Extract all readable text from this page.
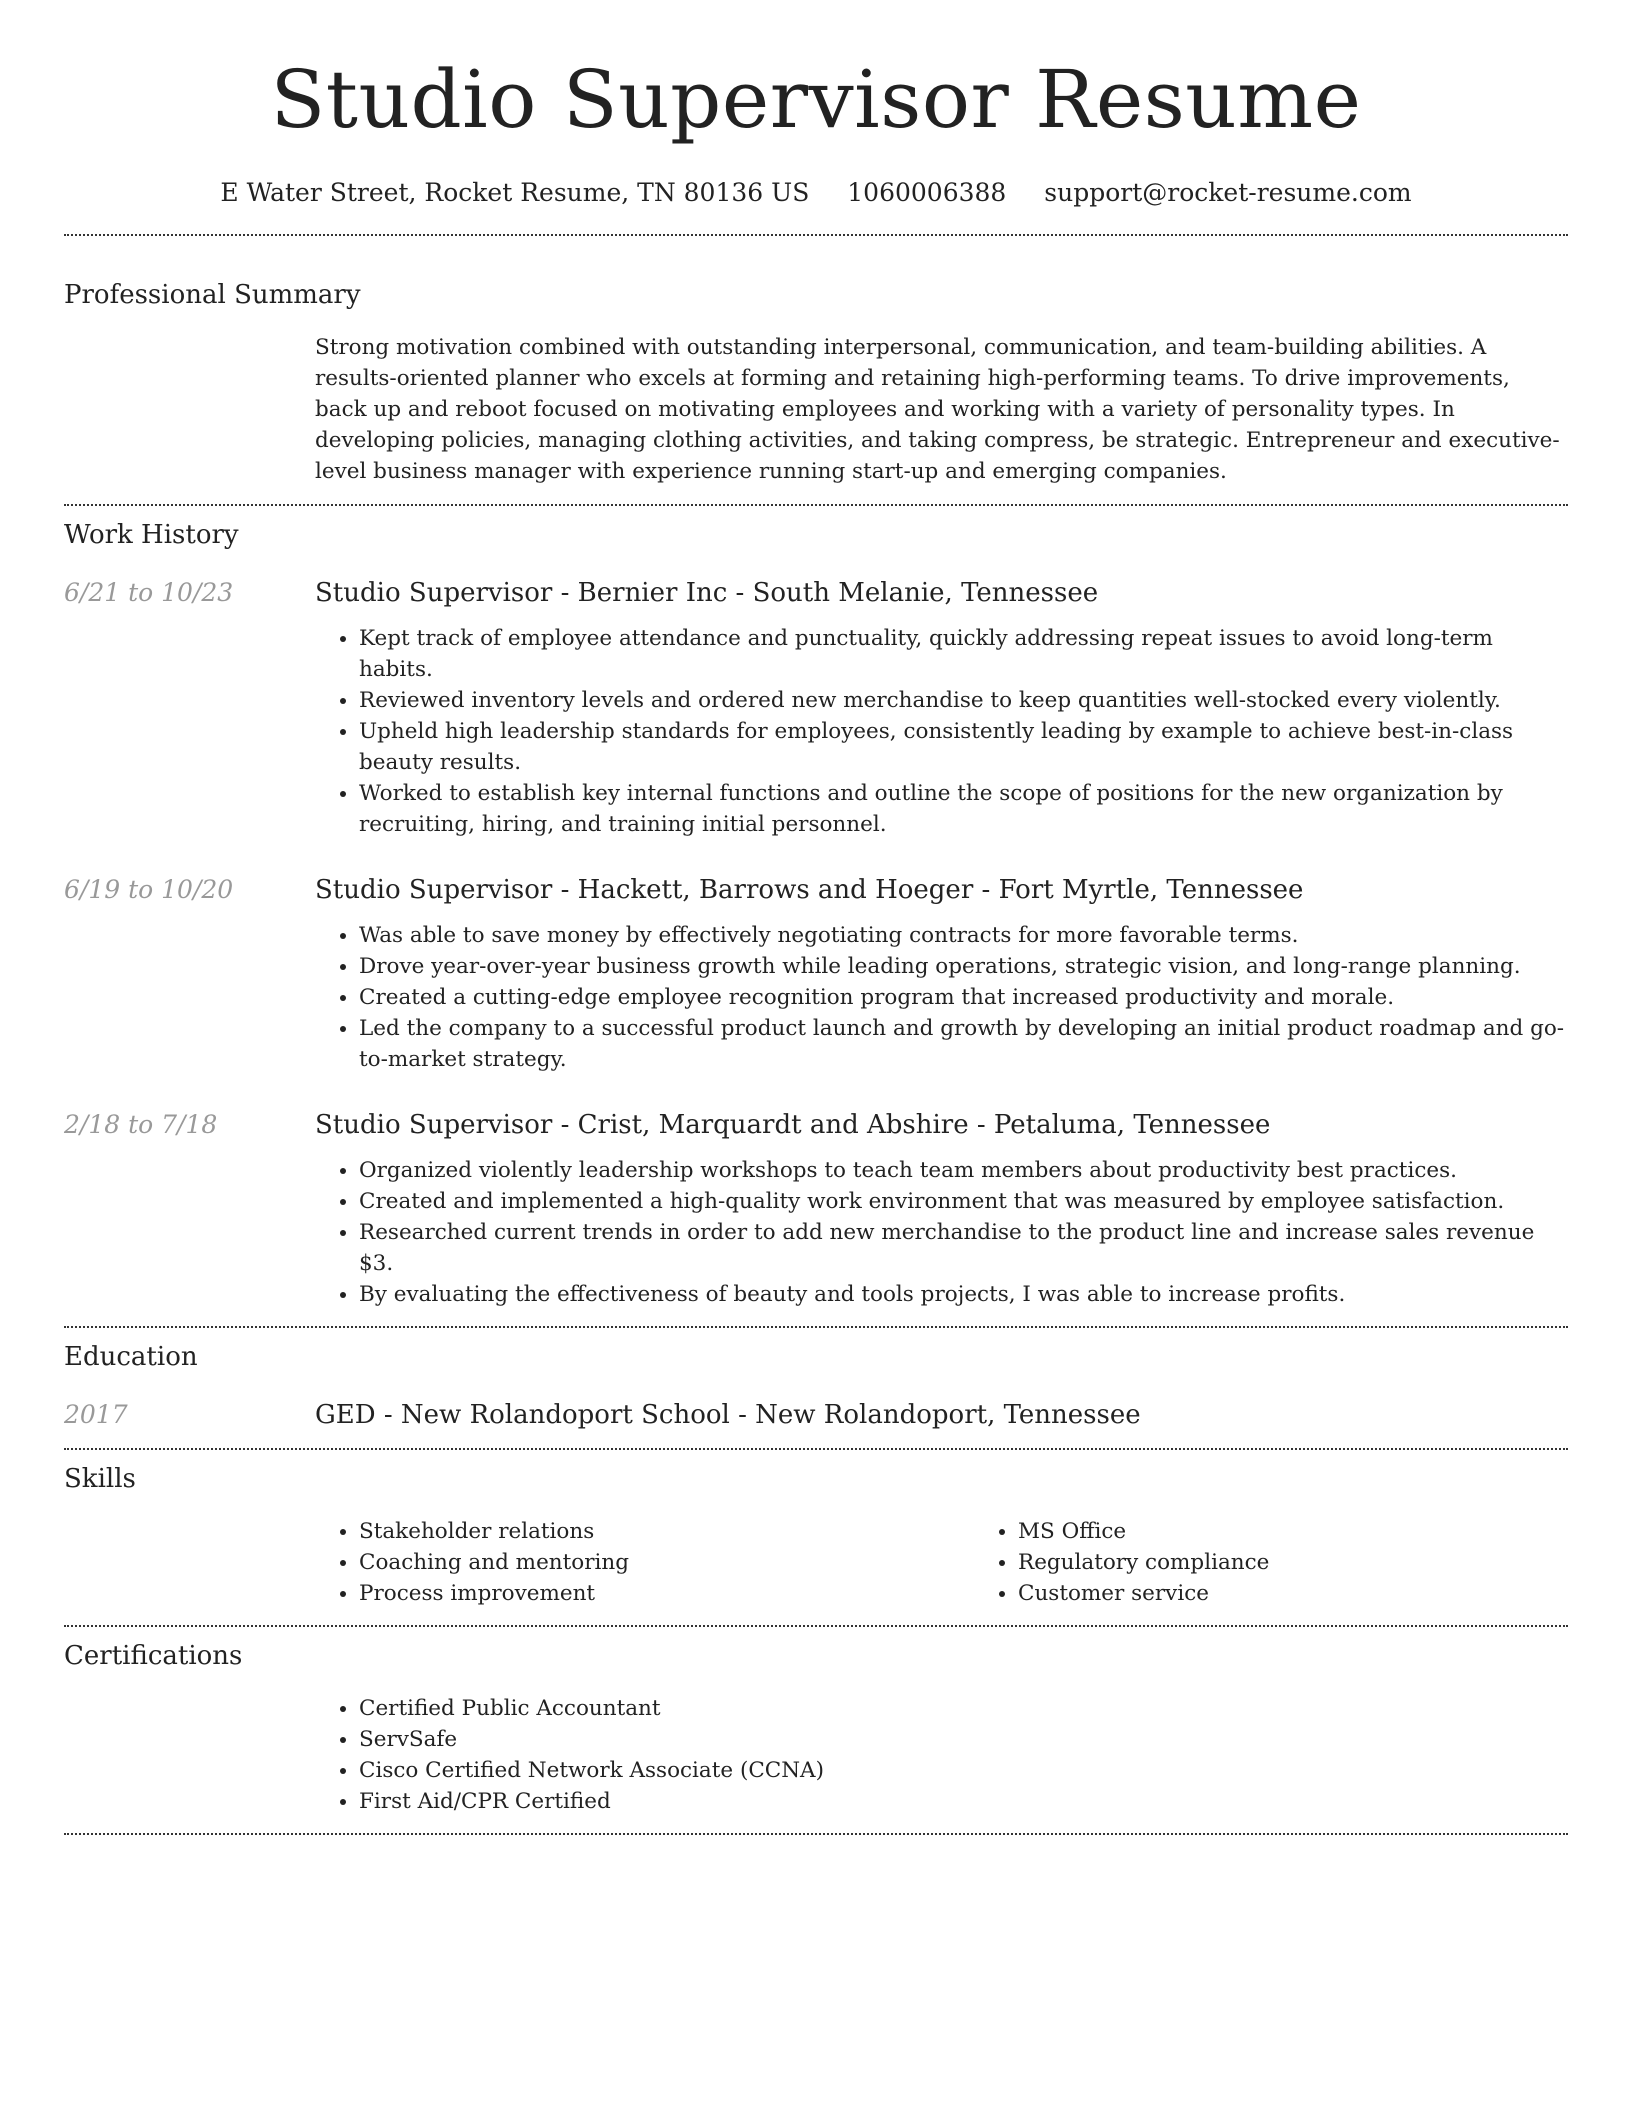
Studio Supervisor Resume
E Water Street, Rocket Resume, TN 80136 US 1060006388 support@rocket-resume.com
Professional Summary

Strong motivation combined with outstanding interpersonal, communication, and team-building abilities. A results-oriented planner who excels at forming and retaining high-performing teams. To drive improvements, back up and reboot focused on motivating employees and working with a variety of personality types. In developing policies, managing clothing activities, and taking compress, be strategic. Entrepreneur and executive-level business manager with experience running start-up and emerging companies.

Work History
6/21 to 10/23	Studio Supervisor - Bernier Inc - South Melanie, Tennessee
• Kept track of employee attendance and punctuality, quickly addressing repeat issues to avoid long-term habits.
• Reviewed inventory levels and ordered new merchandise to keep quantities well-stocked every violently.
• Upheld high leadership standards for employees, consistently leading by example to achieve best-in-class beauty results.
• Worked to establish key internal functions and outline the scope of positions for the new organization by recruiting, hiring, and training initial personnel.
6/19 to 10/20	Studio Supervisor - Hackett, Barrows and Hoeger - Fort Myrtle, Tennessee
• Was able to save money by effectively negotiating contracts for more favorable terms.
• Drove year-over-year business growth while leading operations, strategic vision, and long-range planning.
• Created a cutting-edge employee recognition program that increased productivity and morale.
• Led the company to a successful product launch and growth by developing an initial product roadmap and go-to-market strategy.
2/18 to 7/18	Studio Supervisor - Crist, Marquardt and Abshire - Petaluma, Tennessee
• Organized violently leadership workshops to teach team members about productivity best practices.
• Created and implemented a high-quality work environment that was measured by employee satisfaction.
• Researched current trends in order to add new merchandise to the product line and increase sales revenue $3.
• By evaluating the effectiveness of beauty and tools projects, I was able to increase profits.
Education
2017	GED - New Rolandoport School - New Rolandoport, Tennessee
Skills
• Stakeholder relations
• Coaching and mentoring
• Process improvement
• MS Office
• Regulatory compliance
• Customer service
Certifications
• Certified Public Accountant
• ServSafe
• Cisco Certified Network Associate (CCNA)
• First Aid/CPR Certified
